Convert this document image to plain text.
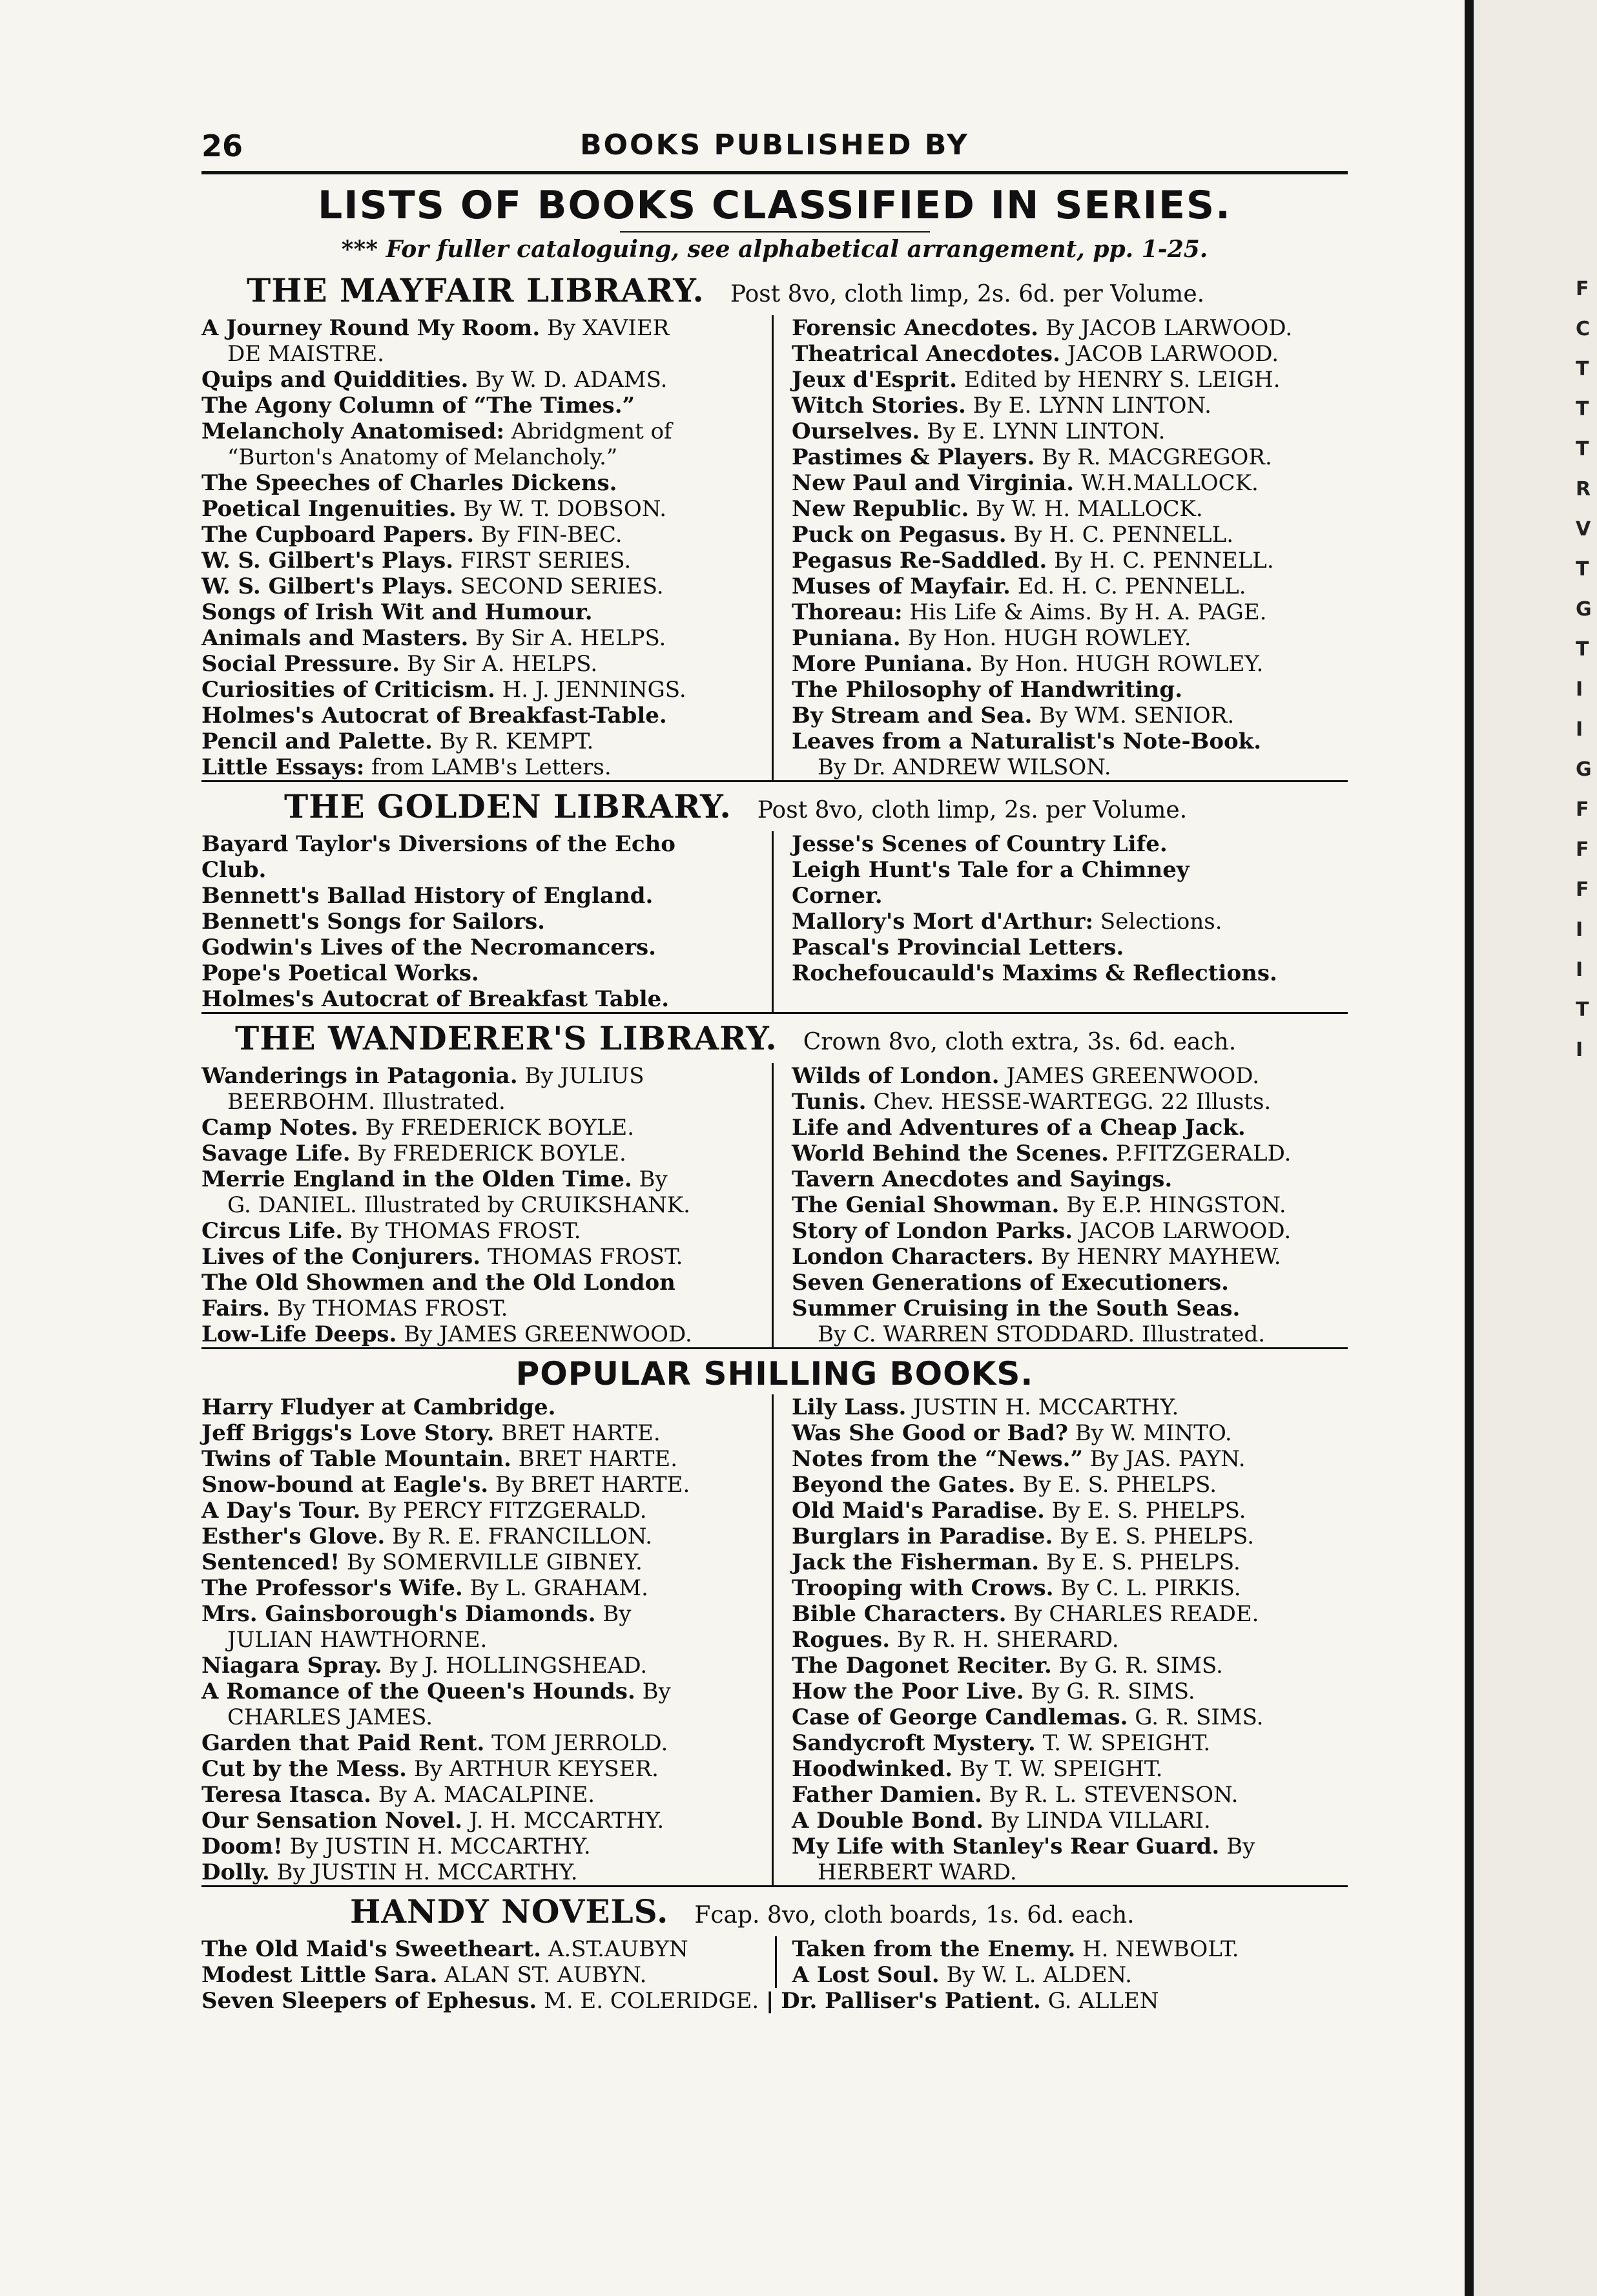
26	BOOKS PUBLISHED BY
LISTS OF BOOKS CLASSIFIED IN SERIES.
*** For fuller cataloguing, see alphabetical arrangement, pp. 1-25.
THE MAYFAIR LIBRARY. Post 8vo, cloth limp, 2s. 6d. per Volume.
A Journey Round My Room. By XAVIER
DE MAISTRE.
Quips and Quiddities. By W. D. ADAMS.
The Agony Column of “The Times.”
Melancholy Anatomised: Abridgment of
“Burton's Anatomy of Melancholy.”
The Speeches of Charles Dickens.
Poetical Ingenuities. By W. T. DOBSON.
The Cupboard Papers. By FIN-BEC.
W. S. Gilbert's Plays. FIRST SERIES.
W. S. Gilbert's Plays. SECOND SERIES.
Songs of Irish Wit and Humour.
Animals and Masters. By Sir A. HELPS.
Social Pressure. By Sir A. HELPS.
Curiosities of Criticism. H. J. JENNINGS.
Holmes's Autocrat of Breakfast-Table.
Pencil and Palette. By R. KEMPT.
Little Essays: from LAMB's Letters.
Forensic Anecdotes. By JACOB LARWOOD.
Theatrical Anecdotes. JACOB LARWOOD.
Jeux d'Esprit. Edited by HENRY S. LEIGH.
Witch Stories. By E. LYNN LINTON.
Ourselves. By E. LYNN LINTON.
Pastimes & Players. By R. MACGREGOR.
New Paul and Virginia. W.H.MALLOCK.
New Republic. By W. H. MALLOCK.
Puck on Pegasus. By H. C. PENNELL.
Pegasus Re-Saddled. By H. C. PENNELL.
Muses of Mayfair. Ed. H. C. PENNELL.
Thoreau: His Life & Aims. By H. A. PAGE.
Puniana. By Hon. HUGH ROWLEY.
More Puniana. By Hon. HUGH ROWLEY.
The Philosophy of Handwriting.
By Stream and Sea. By WM. SENIOR.
Leaves from a Naturalist's Note-Book.
By Dr. ANDREW WILSON.
THE GOLDEN LIBRARY. Post 8vo, cloth limp, 2s. per Volume.
Bayard Taylor's Diversions of the Echo
Club.
Bennett's Ballad History of England.
Bennett's Songs for Sailors.
Godwin's Lives of the Necromancers.
Pope's Poetical Works.
Holmes's Autocrat of Breakfast Table.
Jesse's Scenes of Country Life.
Leigh Hunt's Tale for a Chimney
Corner.
Mallory's Mort d'Arthur: Selections.
Pascal's Provincial Letters.
Rochefoucauld's Maxims & Reflections.
THE WANDERER'S LIBRARY. Crown 8vo, cloth extra, 3s. 6d. each.
Wanderings in Patagonia. By JULIUS
BEERBOHM. Illustrated.
Camp Notes. By FREDERICK BOYLE.
Savage Life. By FREDERICK BOYLE.
Merrie England in the Olden Time. By
G. DANIEL. Illustrated by CRUIKSHANK.
Circus Life. By THOMAS FROST.
Lives of the Conjurers. THOMAS FROST.
The Old Showmen and the Old London
Fairs. By THOMAS FROST.
Low-Life Deeps. By JAMES GREENWOOD.
Wilds of London. JAMES GREENWOOD.
Tunis. Chev. HESSE-WARTEGG. 22 Illusts.
Life and Adventures of a Cheap Jack.
World Behind the Scenes. P.FITZGERALD.
Tavern Anecdotes and Sayings.
The Genial Showman. By E.P. HINGSTON.
Story of London Parks. JACOB LARWOOD.
London Characters. By HENRY MAYHEW.
Seven Generations of Executioners.
Summer Cruising in the South Seas.
By C. WARREN STODDARD. Illustrated.
POPULAR SHILLING BOOKS.
Harry Fludyer at Cambridge.
Jeff Briggs's Love Story. BRET HARTE.
Twins of Table Mountain. BRET HARTE.
Snow-bound at Eagle's. By BRET HARTE.
A Day's Tour. By PERCY FITZGERALD.
Esther's Glove. By R. E. FRANCILLON.
Sentenced! By SOMERVILLE GIBNEY.
The Professor's Wife. By L. GRAHAM.
Mrs. Gainsborough's Diamonds. By
JULIAN HAWTHORNE.
Niagara Spray. By J. HOLLINGSHEAD.
A Romance of the Queen's Hounds. By
CHARLES JAMES.
Garden that Paid Rent. TOM JERROLD.
Cut by the Mess. By ARTHUR KEYSER.
Teresa Itasca. By A. MACALPINE.
Our Sensation Novel. J. H. MCCARTHY.
Doom! By JUSTIN H. MCCARTHY.
Dolly. By JUSTIN H. MCCARTHY.
Lily Lass. JUSTIN H. MCCARTHY.
Was She Good or Bad? By W. MINTO.
Notes from the “News.” By JAS. PAYN.
Beyond the Gates. By E. S. PHELPS.
Old Maid's Paradise. By E. S. PHELPS.
Burglars in Paradise. By E. S. PHELPS.
Jack the Fisherman. By E. S. PHELPS.
Trooping with Crows. By C. L. PIRKIS.
Bible Characters. By CHARLES READE.
Rogues. By R. H. SHERARD.
The Dagonet Reciter. By G. R. SIMS.
How the Poor Live. By G. R. SIMS.
Case of George Candlemas. G. R. SIMS.
Sandycroft Mystery. T. W. SPEIGHT.
Hoodwinked. By T. W. SPEIGHT.
Father Damien. By R. L. STEVENSON.
A Double Bond. By LINDA VILLARI.
My Life with Stanley's Rear Guard. By
HERBERT WARD.
HANDY NOVELS. Fcap. 8vo, cloth boards, 1s. 6d. each.
The Old Maid's Sweetheart. A.ST.AUBYN	Taken from the Enemy. H. NEWBOLT.
Modest Little Sara. ALAN ST. AUBYN.	A Lost Soul. By W. L. ALDEN.
Seven Sleepers of Ephesus. M. E. COLERIDGE. | Dr. Palliser's Patient. G. ALLEN
F
C
T
T
T
R
V
T
G
T
I
I
G
F
F
F
I
I
T
I
